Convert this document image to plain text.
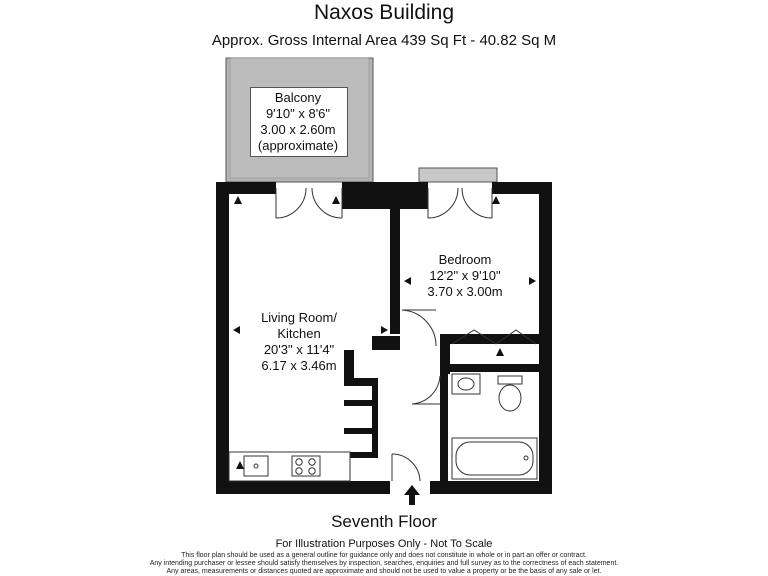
Naxos Building
Approx. Gross Internal Area 439 Sq Ft - 40.82 Sq M
Balcony
9'10" x 8'6"
3.00 x 2.60m
(approximate)
Bedroom
12'2" x 9'10"
3.70 x 3.00m
Living Room/
Kitchen
20'3" x 11'4"
6.17 x 3.46m
Seventh Floor
For Illustration Purposes Only - Not To Scale
This floor plan should be used as a general outline for guidance only and does not constitute in whole or in part an offer or contract.
Any intending purchaser or lessee should satisfy themselves by inspection, searches, enquiries and full survey as to the correctness of each statement.
Any areas, measurements or distances quoted are approximate and should not be used to value a property or be the basis of any sale or let.
